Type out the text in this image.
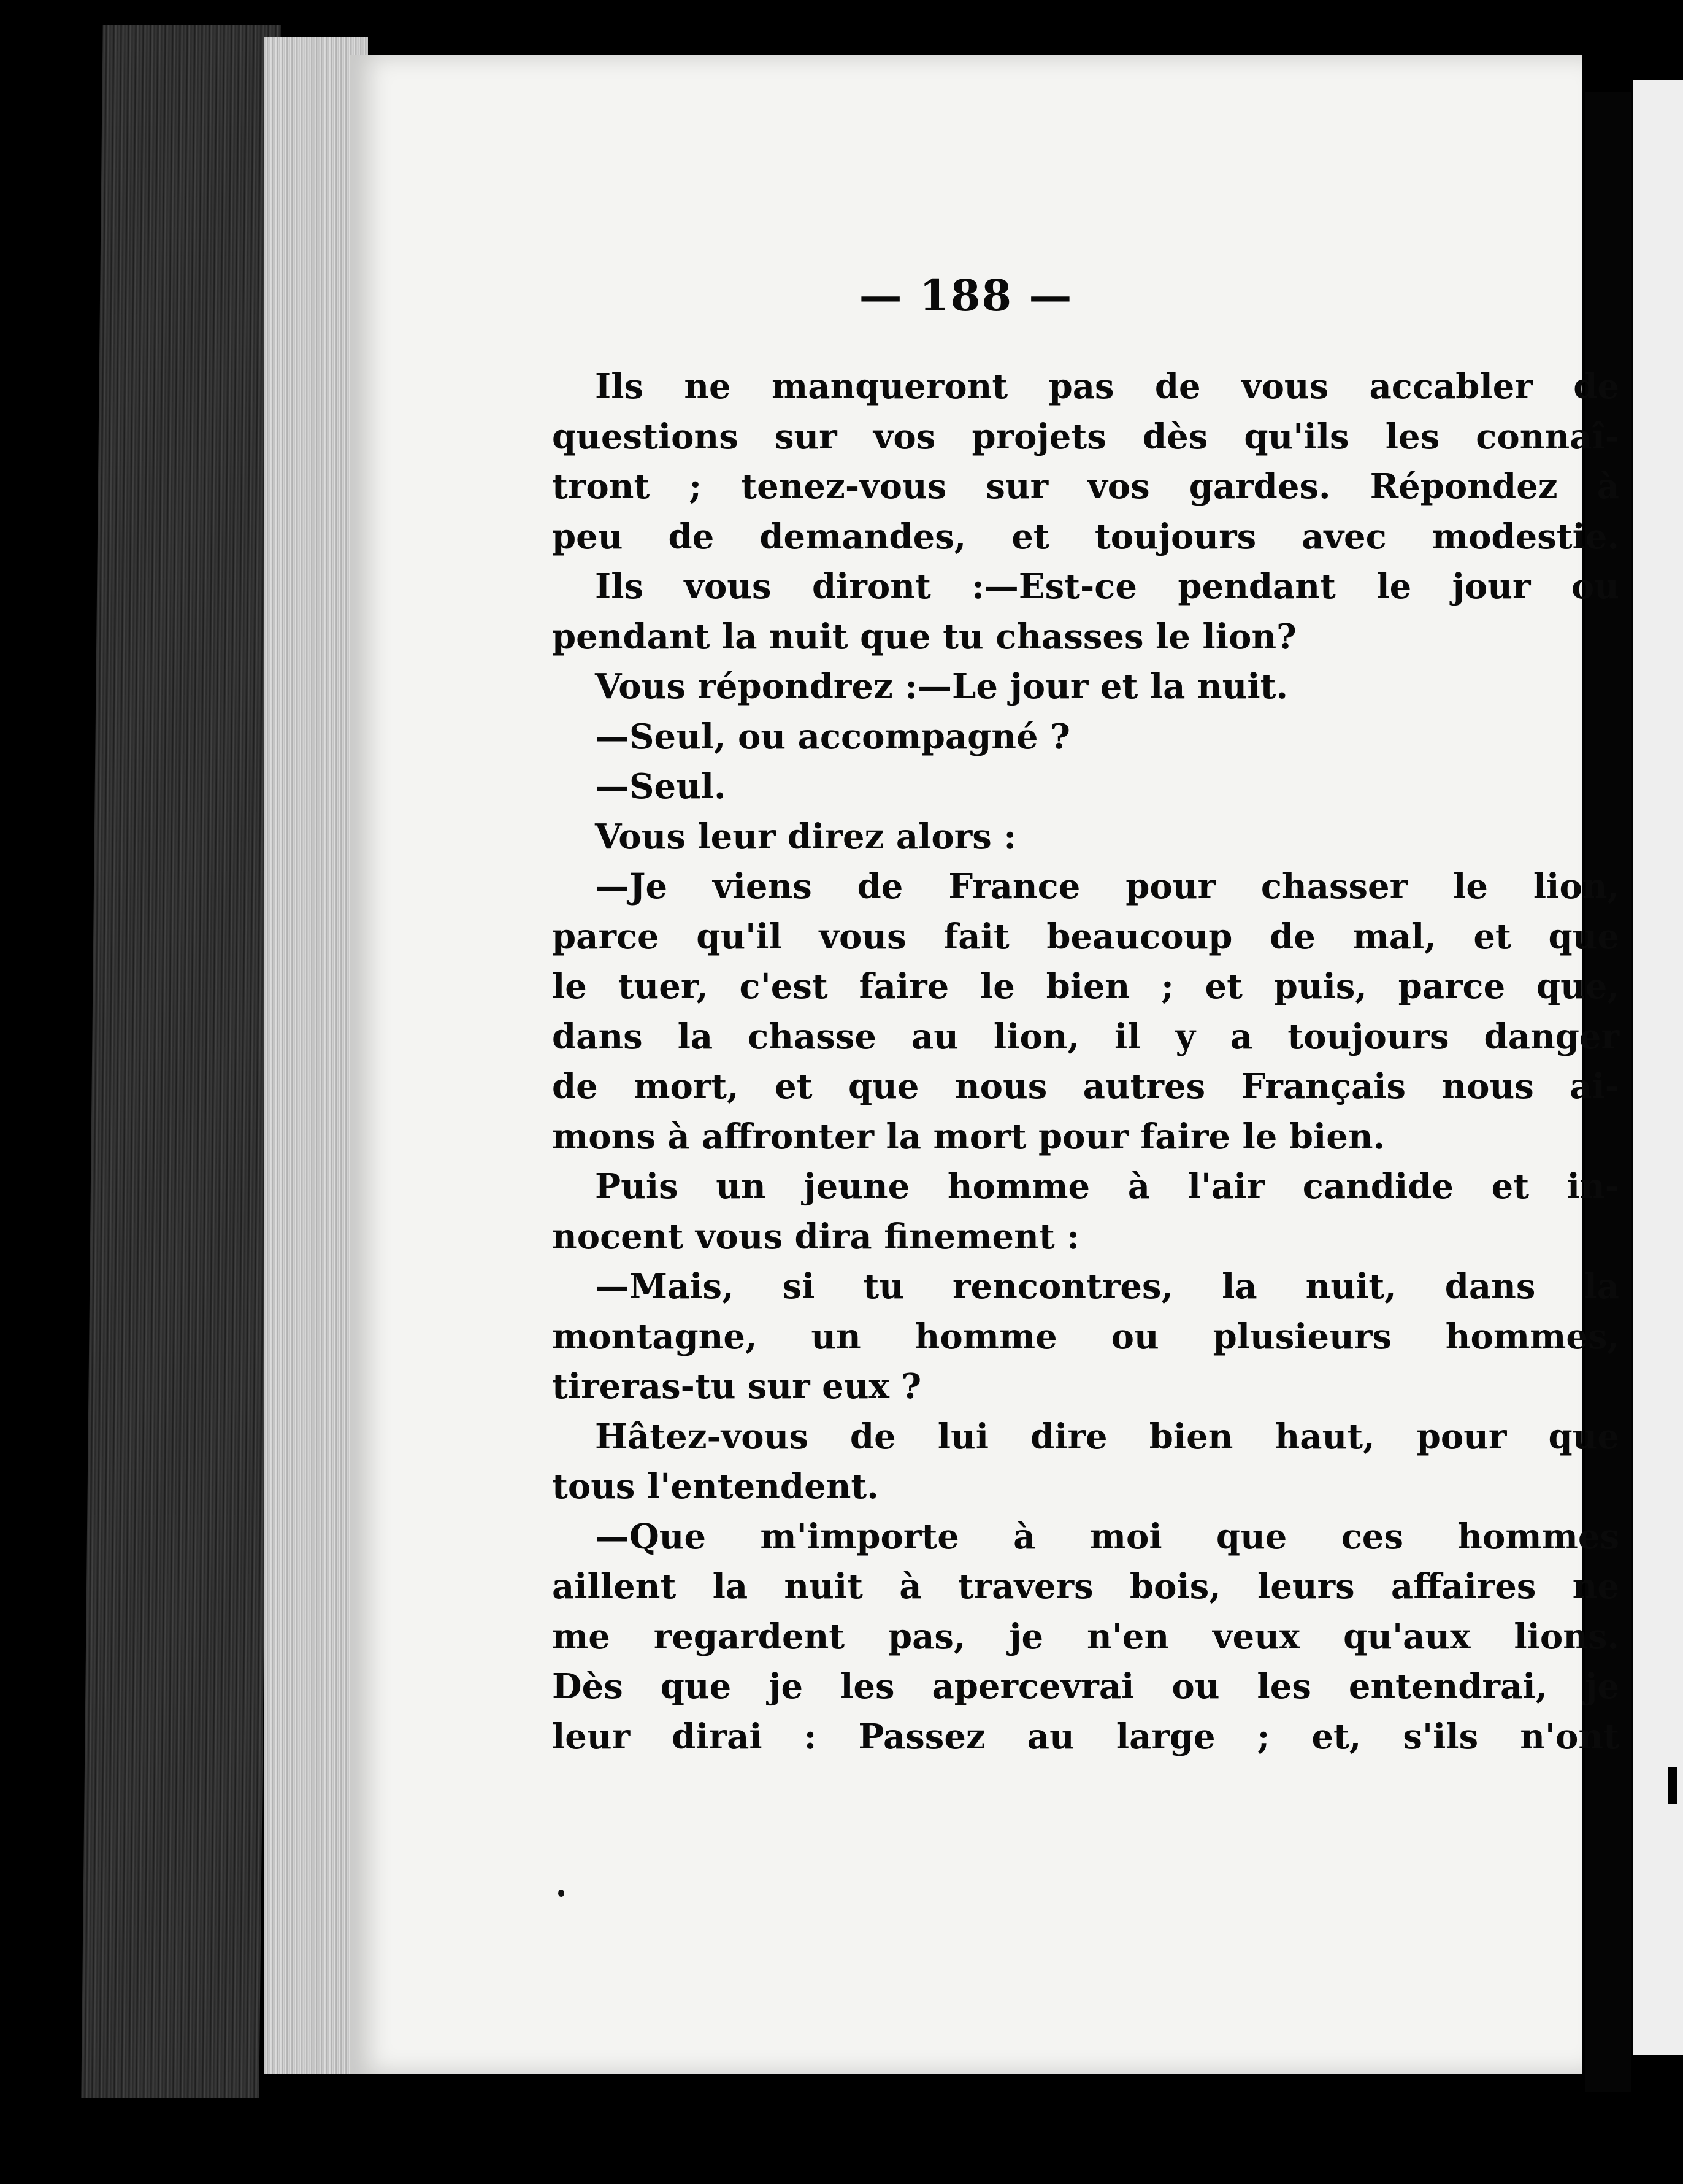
— 188 —
Ils ne manqueront pas de vous accabler de
questions sur vos projets dès qu'ils les connaî-
tront ; tenez-vous sur vos gardes. Répondez à
peu de demandes, et toujours avec modestie.
Ils vous diront :—Est-ce pendant le jour ou
pendant la nuit que tu chasses le lion?
Vous répondrez :—Le jour et la nuit.
—Seul, ou accompagné ?
—Seul.
Vous leur direz alors :
—Je viens de France pour chasser le lion,
parce qu'il vous fait beaucoup de mal, et que
le tuer, c'est faire le bien ; et puis, parce que,
dans la chasse au lion, il y a toujours danger
de mort, et que nous autres Français nous ai-
mons à affronter la mort pour faire le bien.
Puis un jeune homme à l'air candide et in-
nocent vous dira finement :
—Mais, si tu rencontres, la nuit, dans la
montagne, un homme ou plusieurs hommes,
tireras-tu sur eux ?
Hâtez-vous de lui dire bien haut, pour que
tous l'entendent.
—Que m'importe à moi que ces hommes
aillent la nuit à travers bois, leurs affaires ne
me regardent pas, je n'en veux qu'aux lions.
Dès que je les apercevrai ou les entendrai, je
leur dirai : Passez au large ; et, s'ils n'ont
